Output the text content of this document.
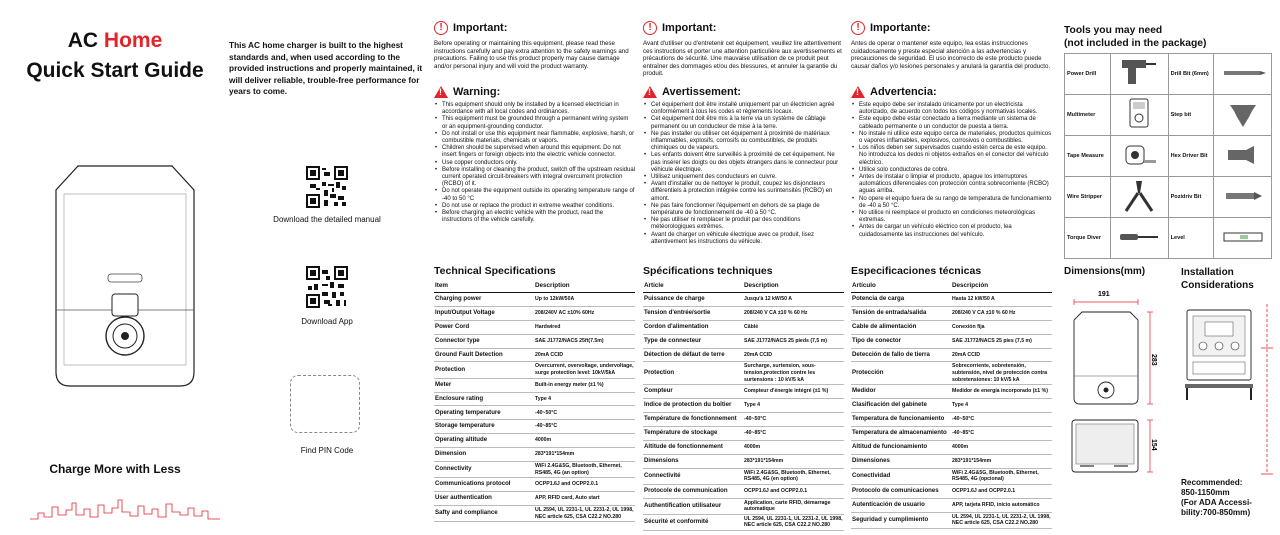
AC Home
Quick Start Guide
This AC home charger is built to the highest standards and, when used according to the provided instructions and properly maintained, it will deliver reliable, trouble-free performance for years to come.
Charge More with Less
Download the detailed manual
Download App
Find PIN Code
! Important:
Before operating or maintaining this equipment, please read these instructions carefully and pay extra attention to the safety warnings and precautions. Failing to use this product properly may cause damage and/or personal injury and will void the product warranty.
!
Warning:
• This equipment should only be installed by a licensed electrician in accordance with all local codes and ordinances.
• This equipment must be grounded through a permanent wiring system or an equipment-grounding conductor.
• Do not install or use this equipment near flammable, explosive, harsh, or combustible materials, chemicals or vapors.
• Children should be supervised when around this equipment. Do not insert fingers or foreign objects into the electric vehicle connector.
• Use copper conductors only.
• Before installing or cleaning the product, switch off the upstream residual current operated circuit-breakers with integral overcurrent protection (RCBO) of it.
• Do not operate the equipment outside its operating temperature range of -40 to 50 °C
• Do not use or replace the product in extreme weather conditions.
• Before charging an electric vehicle with the product, read the instructions of the vehicle carefully.
Technical Specifications
Item	Description
Charging power	Up to 12kW/50A
Input/Output Voltage	208/240V AC ±10% 60Hz
Power Cord	Hardwired
Connector type	SAE J1772/NACS 25ft(7.5m)
Ground Fault Detection	20mA CCID
Protection	Overcurrent, overvoltage, undervoltage, surge protection level: 10kV/5kA
Meter	Built-in energy meter (±1 %)
Enclosure rating	Type 4
Operating temperature	-40~50°C
Storage temperature	-40~85°C
Operating altitude	4000m
Dimension	283*191*154mm
Connectivity	WiFi 2.4G&5G, Bluetooth, Ethernet, RS485, 4G (an option)
Communications protocol	OCPP1.6J and OCPP2.0.1
User authentication	APP, RFID card, Auto start
Safty and compliance	UL 2594, UL 2231-1, UL 2231-2, UL 1998, NEC article 625, CSA C22.2 NO.280
! Important:
Avant d'utiliser ou d'entretenir cet équipement, veuillez lire attentivement ces instructions et porter une attention particulière aux avertissements et précautions de sécurité. Une mauvaise utilisation de ce produit peut entraîner des dommages et/ou des blessures, et annuler la garantie du produit.
!
Avertissement:
• Cet équipement doit être installé uniquement par un électricien agréé conformément à tous les codes et règlements locaux.
• Cet équipement doit être mis à la terre via un système de câblage permanent ou un conducteur de mise à la terre.
• Ne pas installer ou utiliser cet équipement à proximité de matériaux inflammables, explosifs, corrosifs ou combustibles, de produits chimiques ou de vapeurs.
• Les enfants doivent être surveillés à proximité de cet équipement. Ne pas insérer les doigts ou des objets étrangers dans le connecteur pour véhicule électrique.
• Utilisez uniquement des conducteurs en cuivre.
• Avant d'installer ou de nettoyer le produit, coupez les disjoncteurs différentiels à protection intégrée contre les surintensités (RCBO) en amont.
• Ne pas faire fonctionner l'équipement en dehors de sa plage de température de fonctionnement de -40 à 50 °C.
• Ne pas utiliser ni remplacer le produit par des conditions météorologiques extrêmes.
• Avant de charger un véhicule électrique avec ce produit, lisez attentivement les instructions du véhicule.
Spécifications techniques
Article	Description
Puissance de charge	Jusqu'à 12 kW/50 A
Tension d'entrée/sortie	208/240 V CA ±10 % 60 Hz
Cordon d'alimentation	Câblé
Type de connecteur	SAE J1772/NACS 25 pieds (7,5 m)
Détection de défaut de terre	20mA CCID
Protection	Surcharge, surtension, sous-tension,protection contre les surtensions : 10 kV/5 kA
Compteur	Compteur d'énergie intégré (±1 %)
Indice de protection du boîtier	Type 4
Température de fonctionnement	-40~50°C
Température de stockage	-40~85°C
Altitude de fonctionnement	4000m
Dimensions	283*191*154mm
Connectivité	WiFi 2.4G&5G, Bluetooth, Ethernet, RS485, 4G (en option)
Protocole de communication	OCPP1.6J and OCPP2.0.1
Authentification utilisateur	Application, carte RFID, démarrage automatique
Sécurité et conformité	UL 2594, UL 2231-1, UL 2231-2, UL 1998, NEC article 625, CSA C22.2 NO.280
! Importante:
Antes de operar o mantener este equipo, lea estas instrucciones cuidadosamente y preste especial atención a las advertencias y precauciones de seguridad. El uso incorrecto de este producto puede causar daños y/o lesiones personales y anulará la garantía del producto.
!
Advertencia:
• Este equipo debe ser instalado únicamente por un electricista autorizado, de acuerdo con todos los códigos y normativas locales.
• Este equipo debe estar conectado a tierra mediante un sistema de cableado permanente o un conductor de puesta a tierra.
• No instale ni utilice este equipo cerca de materiales, productos químicos o vapores inflamables, explosivos, corrosivos o combustibles.
• Los niños deben ser supervisados cuando estén cerca de este equipo. No introduzca los dedos ni objetos extraños en el conector del vehículo eléctrico.
• Utilice solo conductores de cobre.
• Antes de instalar o limpiar el producto, apague los interruptores automáticos diferenciales con protección contra sobrecorriente (RCBO) aguas arriba.
• No opere el equipo fuera de su rango de temperatura de funcionamiento de -40 a 50 °C.
• No utilice ni reemplace el producto en condiciones meteorológicas extremas.
• Antes de cargar un vehículo eléctrico con el producto, lea cuidadosamente las instrucciones del vehículo.
Especificaciones técnicas
Artículo	Descripción
Potencia de carga	Hasta 12 kW/50 A
Tensión de entrada/salida	208/240 V CA ±10 % 60 Hz
Cable de alimentación	Conexión fija
Tipo de conector	SAE J1772/NACS 25 pies (7,5 m)
Detección de fallo de tierra	20mA CCID
Protección	Sobrecorriente, sobretensión, subtensión, nivel de protección contra sobretensiones: 10 kV/5 kA
Medidor	Medidor de energía incorporado (±1 %)
Clasificación del gabinete	Type 4
Temperatura de funcionamiento	-40~50°C
Temperatura de almacenamiento	-40~85°C
Altitud de funcionamiento	4000m
Dimensiones	283*191*154mm
Conectividad	WiFi 2.4G&5G, Bluetooth, Ethernet, RS485, 4G (opcional)
Protocolo de comunicaciones	OCPP1.6J and OCPP2.0.1
Autenticación de usuario	APP, tarjeta RFID, inicio automático
Seguridad y cumplimiento	UL 2594, UL 2231-1, UL 2231-2, UL 1998, NEC article 625, CSA C22.2 NO.280
Tools you may need
(not included in the package)
Power Drill		Drill Bit (6mm)	
Multimeter		Step bit	
Tape Measure		Hex Driver Bit	
Wire Stripper		Pozidriv Bit	
Torque Diver		Level	
Dimensions(mm)
191
283
154
Installation
Considerations
Recommended:
850-1150mm
(For ADA Accessi-
bility:700-850mm)
